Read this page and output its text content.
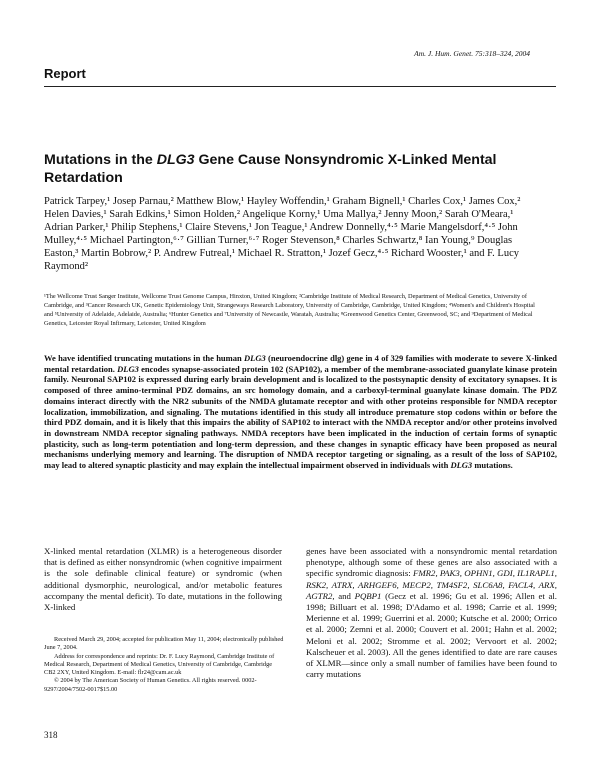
Am. J. Hum. Genet. 75:318–324, 2004
Report
Mutations in the DLG3 Gene Cause Nonsyndromic X-Linked Mental Retardation
Patrick Tarpey,¹ Josep Parnau,² Matthew Blow,¹ Hayley Woffendin,¹ Graham Bignell,¹ Charles Cox,¹ James Cox,² Helen Davies,¹ Sarah Edkins,¹ Simon Holden,² Angelique Korny,¹ Uma Mallya,² Jenny Moon,² Sarah O'Meara,¹ Adrian Parker,¹ Philip Stephens,¹ Claire Stevens,¹ Jon Teague,¹ Andrew Donnelly,⁴·⁵ Marie Mangelsdorf,⁴·⁵ John Mulley,⁴·⁵ Michael Partington,⁶·⁷ Gillian Turner,⁶·⁷ Roger Stevenson,⁸ Charles Schwartz,⁸ Ian Young,⁹ Douglas Easton,³ Martin Bobrow,² P. Andrew Futreal,¹ Michael R. Stratton,¹ Jozef Gecz,⁴·⁵ Richard Wooster,¹ and F. Lucy Raymond²
¹The Wellcome Trust Sanger Institute, Wellcome Trust Genome Campus, Hinxton, United Kingdom; ²Cambridge Institute of Medical Research, Department of Medical Genetics, University of Cambridge, and ³Cancer Research UK, Genetic Epidemiology Unit, Strangeways Research Laboratory, University of Cambridge, Cambridge, United Kingdom; ⁴Women's and Children's Hospital and ⁵University of Adelaide, Adelaide, Australia; ⁶Hunter Genetics and ⁷University of Newcastle, Waratah, Australia; ⁸Greenwood Genetics Center, Greenwood, SC; and ⁹Department of Medical Genetics, Leicester Royal Infirmary, Leicester, United Kingdom
We have identified truncating mutations in the human DLG3 (neuroendocrine dlg) gene in 4 of 329 families with moderate to severe X-linked mental retardation. DLG3 encodes synapse-associated protein 102 (SAP102), a member of the membrane-associated guanylate kinase protein family. Neuronal SAP102 is expressed during early brain development and is localized to the postsynaptic density of excitatory synapses. It is composed of three amino-terminal PDZ domains, an src homology domain, and a carboxyl-terminal guanylate kinase domain. The PDZ domains interact directly with the NR2 subunits of the NMDA glutamate receptor and with other proteins responsible for NMDA receptor localization, immobilization, and signaling. The mutations identified in this study all introduce premature stop codons within or before the third PDZ domain, and it is likely that this impairs the ability of SAP102 to interact with the NMDA receptor and/or other proteins involved in downstream NMDA receptor signaling pathways. NMDA receptors have been implicated in the induction of certain forms of synaptic plasticity, such as long-term potentiation and long-term depression, and these changes in synaptic efficacy have been proposed as neural mechanisms underlying memory and learning. The disruption of NMDA receptor targeting or signaling, as a result of the loss of SAP102, may lead to altered synaptic plasticity and may explain the intellectual impairment observed in individuals with DLG3 mutations.
X-linked mental retardation (XLMR) is a heterogeneous disorder that is defined as either nonsyndromic (when cognitive impairment is the sole definable clinical feature) or syndromic (when additional dysmorphic, neurological, and/or metabolic features accompany the mental deficit). To date, mutations in the following X-linked
genes have been associated with a nonsyndromic mental retardation phenotype, although some of these genes are also associated with a specific syndromic diagnosis: FMR2, PAK3, OPHN1, GDI, IL1RAPL1, RSK2, ATRX, ARHGEF6, MECP2, TM4SF2, SLC6A8, FACL4, ARX, AGTR2, and PQBP1 (Gecz et al. 1996; Gu et al. 1996; Allen et al. 1998; Billuart et al. 1998; D'Adamo et al. 1998; Carrie et al. 1999; Merienne et al. 1999; Guerrini et al. 2000; Kutsche et al. 2000; Orrico et al. 2000; Zemni et al. 2000; Couvert et al. 2001; Hahn et al. 2002; Meloni et al. 2002; Stromme et al. 2002; Vervoort et al. 2002; Kalscheuer et al. 2003). All the genes identified to date are rare causes of XLMR—since only a small number of families have been found to carry mutations

Received March 29, 2004; accepted for publication May 11, 2004; electronically published June 7, 2004.

Address for correspondence and reprints: Dr. F. Lucy Raymond, Cambridge Institute of Medical Research, Department of Medical Genetics, University of Cambridge, Cambridge CB2 2XY, United Kingdom. E-mail: flr24@cam.ac.uk

© 2004 by The American Society of Human Genetics. All rights reserved. 0002-9297/2004/7502-0017$15.00

318
